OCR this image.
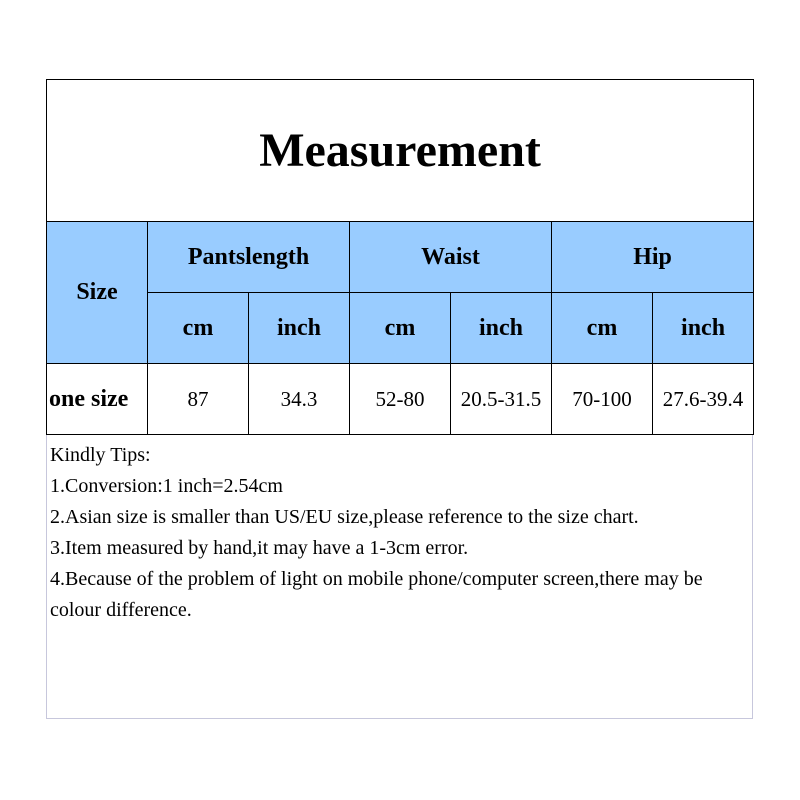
Measurement						
Size	Pantslength		Waist		Hip	
	cm	inch	cm	inch	cm	inch
one size	87	34.3	52-80	20.5-31.5	70-100	27.6-39.4

Kindly Tips:

1.Conversion:1 inch=2.54cm

2.Asian size is smaller than US/EU size,please reference to the size chart.

3.Item measured by hand,it may have a 1-3cm error.

4.Because of the problem of light on mobile phone/computer screen,there may be colour difference.
